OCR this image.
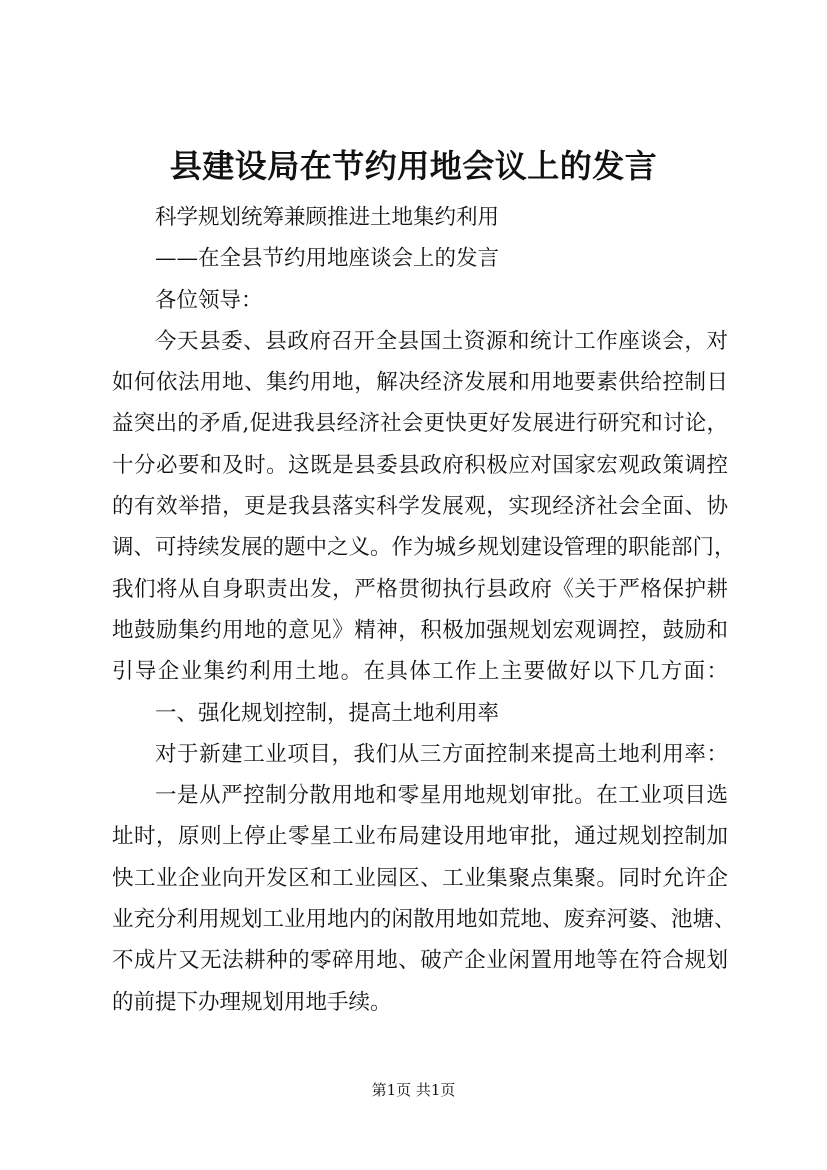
县建设局在节约用地会议上的发言
科学规划统筹兼顾推进土地集约利用
——在全县节约用地座谈会上的发言
各位领导：
今天县委、县政府召开全县国土资源和统计工作座谈会，对
如何依法用地、集约用地，解决经济发展和用地要素供给控制日
益突出的矛盾,促进我县经济社会更快更好发展进行研究和讨论，
十分必要和及时。这既是县委县政府积极应对国家宏观政策调控
的有效举措，更是我县落实科学发展观，实现经济社会全面、协
调、可持续发展的题中之义。作为城乡规划建设管理的职能部门，
我们将从自身职责出发，严格贯彻执行县政府《关于严格保护耕
地鼓励集约用地的意见》精神，积极加强规划宏观调控，鼓励和
引导企业集约利用土地。在具体工作上主要做好以下几方面：
一、强化规划控制，提高土地利用率
对于新建工业项目，我们从三方面控制来提高土地利用率：
一是从严控制分散用地和零星用地规划审批。在工业项目选
址时，原则上停止零星工业布局建设用地审批，通过规划控制加
快工业企业向开发区和工业园区、工业集聚点集聚。同时允许企
业充分利用规划工业用地内的闲散用地如荒地、废弃河婆、池塘、
不成片又无法耕种的零碎用地、破产企业闲置用地等在符合规划
的前提下办理规划用地手续。
第1页 共1页
